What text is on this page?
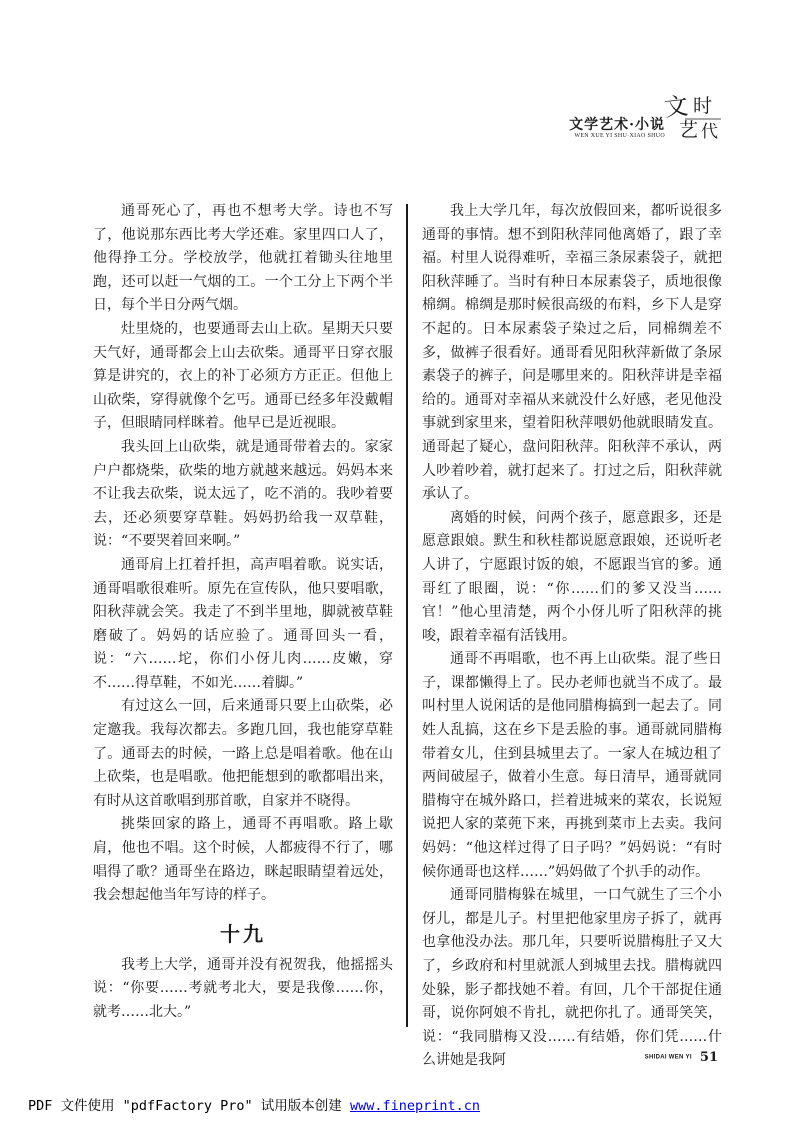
文学艺术·小说
WEN XUE YI SHU·XIAO SHUO
文 时
艺 代

通哥死心了，再也不想考大学。诗也不写了，他说那东西比考大学还难。家里四口人了，他得挣工分。学校放学，他就扛着锄头往地里跑，还可以赶一气烟的工。一个工分上下两个半日，每个半日分两气烟。

灶里烧的，也要通哥去山上砍。星期天只要天气好，通哥都会上山去砍柴。通哥平日穿衣服算是讲究的，衣上的补丁必须方方正正。但他上山砍柴，穿得就像个乞丐。通哥已经多年没戴帽子，但眼睛同样眯着。他早已是近视眼。

我头回上山砍柴，就是通哥带着去的。家家户户都烧柴，砍柴的地方就越来越远。妈妈本来不让我去砍柴，说太远了，吃不消的。我吵着要去，还必须要穿草鞋。妈妈扔给我一双草鞋，说：“不要哭着回来啊。”

通哥肩上扛着扦担，高声唱着歌。说实话，通哥唱歌很难听。原先在宣传队，他只要唱歌，阳秋萍就会笑。我走了不到半里地，脚就被草鞋磨破了。妈妈的话应验了。通哥回头一看，说：“六……坨，你们小伢儿肉……皮嫩，穿不……得草鞋，不如光……着脚。”

有过这么一回，后来通哥只要上山砍柴，必定邀我。我每次都去。多跑几回，我也能穿草鞋了。通哥去的时候，一路上总是唱着歌。他在山上砍柴，也是唱歌。他把能想到的歌都唱出来，有时从这首歌唱到那首歌，自家并不晓得。

挑柴回家的路上，通哥不再唱歌。路上歇肩，他也不唱。这个时候，人都疲得不行了，哪唱得了歌？通哥坐在路边，眯起眼睛望着远处，我会想起他当年写诗的样子。

十九

我考上大学，通哥并没有祝贺我，他摇摇头说：“你要……考就考北大，要是我像……你，就考……北大。”

我上大学几年，每次放假回来，都听说很多通哥的事情。想不到阳秋萍同他离婚了，跟了幸福。村里人说得难听，幸福三条尿素袋子，就把阳秋萍睡了。当时有种日本尿素袋子，质地很像棉绸。棉绸是那时候很高级的布料，乡下人是穿不起的。日本尿素袋子染过之后，同棉绸差不多，做裤子很看好。通哥看见阳秋萍新做了条尿素袋子的裤子，问是哪里来的。阳秋萍讲是幸福给的。通哥对幸福从来就没什么好感，老见他没事就到家里来，望着阳秋萍喂奶他就眼睛发直。通哥起了疑心，盘问阳秋萍。阳秋萍不承认，两人吵着吵着，就打起来了。打过之后，阳秋萍就承认了。

离婚的时候，问两个孩子，愿意跟多，还是愿意跟娘。默生和秋桂都说愿意跟娘，还说听老人讲了，宁愿跟讨饭的娘，不愿跟当官的爹。通哥红了眼圈，说：“你……们的爹又没当……官！”他心里清楚，两个小伢儿听了阳秋萍的挑唆，跟着幸福有活钱用。

通哥不再唱歌，也不再上山砍柴。混了些日子，课都懒得上了。民办老师也就当不成了。最叫村里人说闲话的是他同腊梅搞到一起去了。同姓人乱搞，这在乡下是丢脸的事。通哥就同腊梅带着女儿，住到县城里去了。一家人在城边租了两间破屋子，做着小生意。每日清早，通哥就同腊梅守在城外路口，拦着进城来的菜农，长说短说把人家的菜蔸下来，再挑到菜市上去卖。我问妈妈：“他这样过得了日子吗？”妈妈说：“有时候你通哥也这样……”妈妈做了个扒手的动作。

通哥同腊梅躲在城里，一口气就生了三个小伢儿，都是儿子。村里把他家里房子拆了，就再也拿他没办法。那几年，只要听说腊梅肚子又大了，乡政府和村里就派人到城里去找。腊梅就四处躲，影子都找她不着。有回，几个干部捉住通哥，说你阿娘不肯扎，就把你扎了。通哥笑笑，说：“我同腊梅又没……有结婚，你们凭……什么讲她是我阿	SHIDAI WEN YI 51
PDF 文件使用 "pdfFactory Pro" 试用版本创建 www.fineprint.cn
